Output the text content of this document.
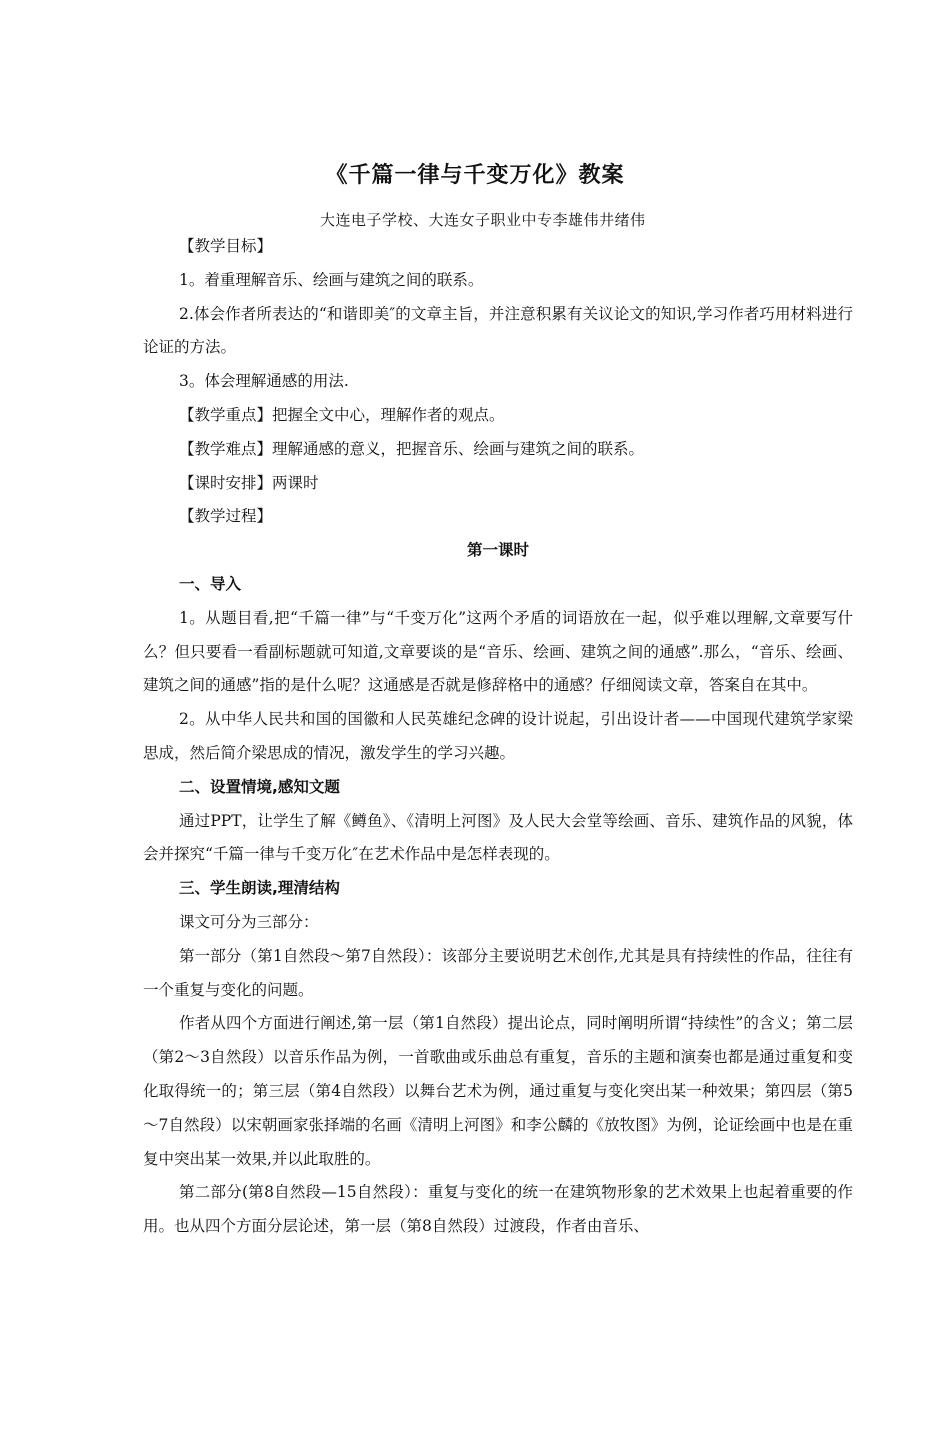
《千篇一律与千变万化》教案
大连电子学校、大连女子职业中专李雄伟井绪伟

【教学目标】

1。着重理解音乐、绘画与建筑之间的联系。

2.体会作者所表达的“和谐即美″的文章主旨，并注意积累有关议论文的知识,学习作者巧用材料进行论证的方法。

3。体会理解通感的用法.

【教学重点】把握全文中心，理解作者的观点。

【教学难点】理解通感的意义，把握音乐、绘画与建筑之间的联系。

【课时安排】两课时

【教学过程】

第一课时

一、导入

1。从题目看,把“千篇一律”与“千变万化”这两个矛盾的词语放在一起，似乎难以理解,文章要写什么？但只要看一看副标题就可知道,文章要谈的是“音乐、绘画、建筑之间的通感”.那么，“音乐、绘画、建筑之间的通感”指的是什么呢？这通感是否就是修辞格中的通感？仔细阅读文章，答案自在其中。

2。从中华人民共和国的国徽和人民英雄纪念碑的设计说起，引出设计者——中国现代建筑学家梁思成，然后简介梁思成的情况，激发学生的学习兴趣。

二、设置情境,感知文题

通过PPT，让学生了解《鳟鱼》、《清明上河图》及人民大会堂等绘画、音乐、建筑作品的风貌，体会并探究“千篇一律与千变万化″在艺术作品中是怎样表现的。

三、学生朗读,理清结构

课文可分为三部分：

第一部分（第1自然段～第7自然段）：该部分主要说明艺术创作,尤其是具有持续性的作品，往往有一个重复与变化的问题。

作者从四个方面进行阐述,第一层（第1自然段）提出论点，同时阐明所谓“持续性”的含义；第二层（第2～3自然段）以音乐作品为例，一首歌曲或乐曲总有重复，音乐的主题和演奏也都是通过重复和变化取得统一的；第三层（第4自然段）以舞台艺术为例，通过重复与变化突出某一种效果；第四层（第5～7自然段）以宋朝画家张择端的名画《清明上河图》和李公麟的《放牧图》为例，论证绘画中也是在重复中突出某一效果,并以此取胜的。

第二部分(第8自然段—15自然段）：重复与变化的统一在建筑物形象的艺术效果上也起着重要的作用。也从四个方面分层论述，第一层（第8自然段）过渡段，作者由音乐、
